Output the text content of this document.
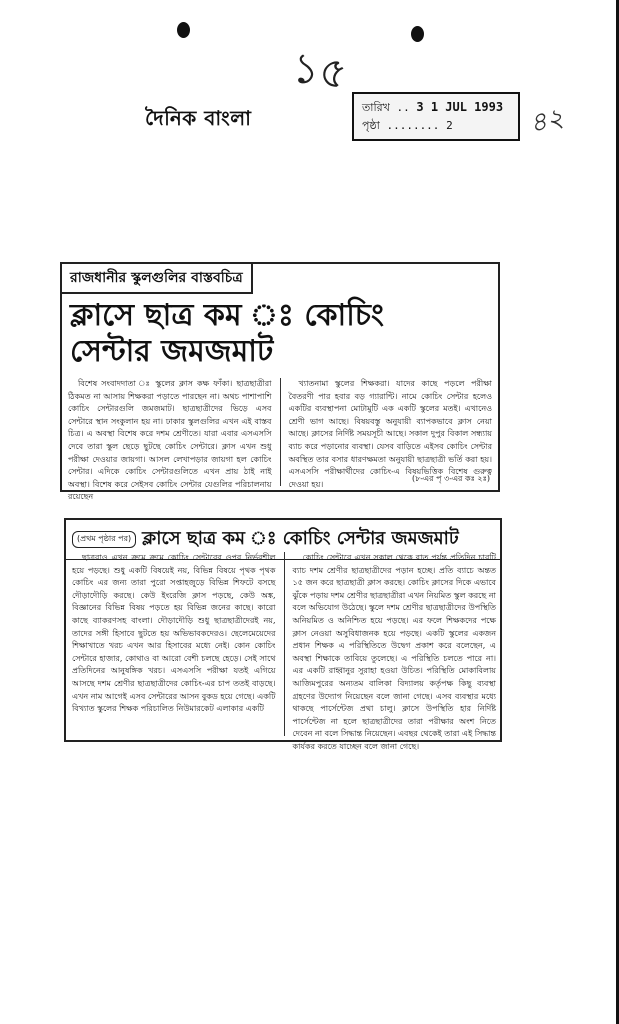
১৫
৪২
দৈনিক বাংলা	তারিখ .. 3 1 JUL 1993
পৃষ্ঠা ........ 2
রাজধানীর স্কুলগুলির বাস্তবচিত্র
ক্লাসে ছাত্র কম ঃ কোচিং
সেন্টার জমজমাট

বিশেষ সংবাদদাতা ঃ স্কুলের ক্লাস কক্ষ ফাঁকা। ছাত্রছাত্রীরা ঠিকমত না আসায় শিক্ষকরা পড়াতে পারছেন না। অথচ পাশাপাশি কোচিং সেন্টারগুলি জমজমাট। ছাত্রছাত্রীদের ভিড়ে এসব সেন্টারে স্থান সংকুলান হয় না। ঢাকার স্কুলগুলির এখন এই বাস্তব চিত্র। এ অবস্থা বিশেষ করে দশম শ্রেণীতে। যারা এবার এসএসসি দেবে তারা স্কুল ছেড়ে ছুটছে কোচিং সেন্টারে। ক্লাস এখন শুধু পরীক্ষা দেওয়ার জায়গা। আসল লেখাপড়ার জায়গা হল কোচিং সেন্টার। এদিকে কোচিং সেন্টারগুলিতে এখন প্রায় ঠাই নাই অবস্থা। বিশেষ করে সেইসব কোচিং সেন্টার যেগুলির পরিচালনায় রয়েছেন

খ্যাতনামা স্কুলের শিক্ষকরা। যাদের কাছে পড়লে পরীক্ষা বৈতরণী পার হবার বড় গ্যারান্টি। নামে কোচিং সেন্টার হলেও একটির ব্যবস্থাপনা মোটামুটি এক একটি স্কুলের মতই। এখানেও শ্রেণী ভাগ আছে। বিষয়বস্তু অনুযায়ী ব্যাপকভাবে ক্লাস নেয়া আছে। ক্লাসের নির্দিষ্ট সময়সূচী আছে। সকাল দুপুর বিকাল সন্ধ্যায় ব্যাচ করে পড়ানোর ব্যবস্থা। যেসব বাড়িতে এইসব কোচিং সেন্টার অবস্থিত তার বসার ধারণক্ষমতা অনুযায়ী ছাত্রছাত্রী ভর্তি করা হয়। এসএসসি পরীক্ষার্থীদের কোচিং-এ বিষয়ভিত্তিক বিশেষ গুরুত্ব দেওয়া হয়।

(৮-এর পৃ ৩-এর কঃ ২ঃ)
(প্রথম পৃষ্ঠার পর) ক্লাসে ছাত্র কম ঃ কোচিং সেন্টার জমজমাট

ছাত্ররাও এখন ক্রমে ক্রমে কোচিং সেন্টারের ওপর নির্ভরশীল হয়ে পড়ছে। শুধু একটি বিষয়েই নয়, বিভিন্ন বিষয়ে পৃথক পৃথক কোচিং এর জন্য তারা পুরো সপ্তাহজুড়ে বিভিন্ন শিফটে বসছে দৌড়াদৌড়ি করছে। কেউ ইংরেজি ক্লাস পড়ছে, কেউ অঙ্ক, বিজ্ঞানের বিভিন্ন বিষয় পড়তে হয় বিভিন্ন জনের কাছে। কারো কাছে ব্যাকরণসহ বাংলা। দৌড়াদৌড়ি শুধু ছাত্রছাত্রীদেরই নয়, তাদের সঙ্গী হিসাবে ছুটতে হয় অভিভাবকদেরও। ছেলেমেয়েদের শিক্ষাখাতে খরচ এখন আর হিসাবের মধ্যে নেই। কোন কোচিং সেন্টারে হাজার, কোথাও বা আরো বেশী চলছে হেড়ে। সেই সাথে প্রতিদিনের আনুষঙ্গিক খরচ। এসএসসি পরীক্ষা যতই এগিয়ে আসছে দশম শ্রেণীর ছাত্রছাত্রীদের কোচিং-এর চাপ ততই বাড়ছে। এখন নাম আগেই এসব সেন্টারের আসন বুকড হয়ে গেছে। একটি বিখ্যাত স্কুলের শিক্ষক পরিচালিত নিউমারকেট এলাকার একটি

কোচিং সেন্টারে এখন সকাল থেকে রাত পর্যন্ত প্রতিদিন চারটি ব্যাচ দশম শ্রেণীর ছাত্রছাত্রীদের পড়ান হচ্ছে। প্রতি ব্যাচে অন্তত ১৫ জন করে ছাত্রছাত্রী ক্লাস করছে। কোচিং ক্লাসের দিকে এভাবে ঝুঁকে পড়ায় দশম শ্রেণীর ছাত্রছাত্রীরা এখন নিয়মিত স্কুল করছে না বলে অভিযোগ উঠেছে। স্কুলে দশম শ্রেণীর ছাত্রছাত্রীদের উপস্থিতি অনিয়মিত ও অনিশ্চিত হয়ে পড়ছে। এর ফলে শিক্ষকদের পক্ষে ক্লাস নেওয়া অসুবিধাজনক হয়ে পড়ছে। একটি স্কুলের একজন প্রধান শিক্ষক এ পরিস্থিতিতে উদ্বেগ প্রকাশ করে বলেছেন, এ অবস্থা শিক্ষাকে তাবিয়ে তুলেছে। এ পরিস্থিতি চলতে পারে না। এর একটি রাহ্বানুর সুরাহা হওয়া উচিত। পরিস্থিতি মোকাবিলায় আজিমপুরের অন্যতম বালিকা বিদ্যালয় কর্তৃপক্ষ কিছু ব্যবস্থা গ্রহণের উদ্যোগ নিয়েছেন বলে জানা গেছে। এসব ব্যবস্থার মধ্যে থাকছে পার্সেন্টেজ প্রথা চালু। ক্লাসে উপস্থিতি হার নির্দিষ্ট পার্সেন্টেজ না হলে ছাত্রছাত্রীদের তারা পরীক্ষার অংশ নিতে দেবেন না বলে সিদ্ধান্ত নিয়েছেন। এবছর থেকেই তারা এই সিদ্ধান্ত কার্যকর করতে যাচ্ছেন বলে জানা গেছে।
